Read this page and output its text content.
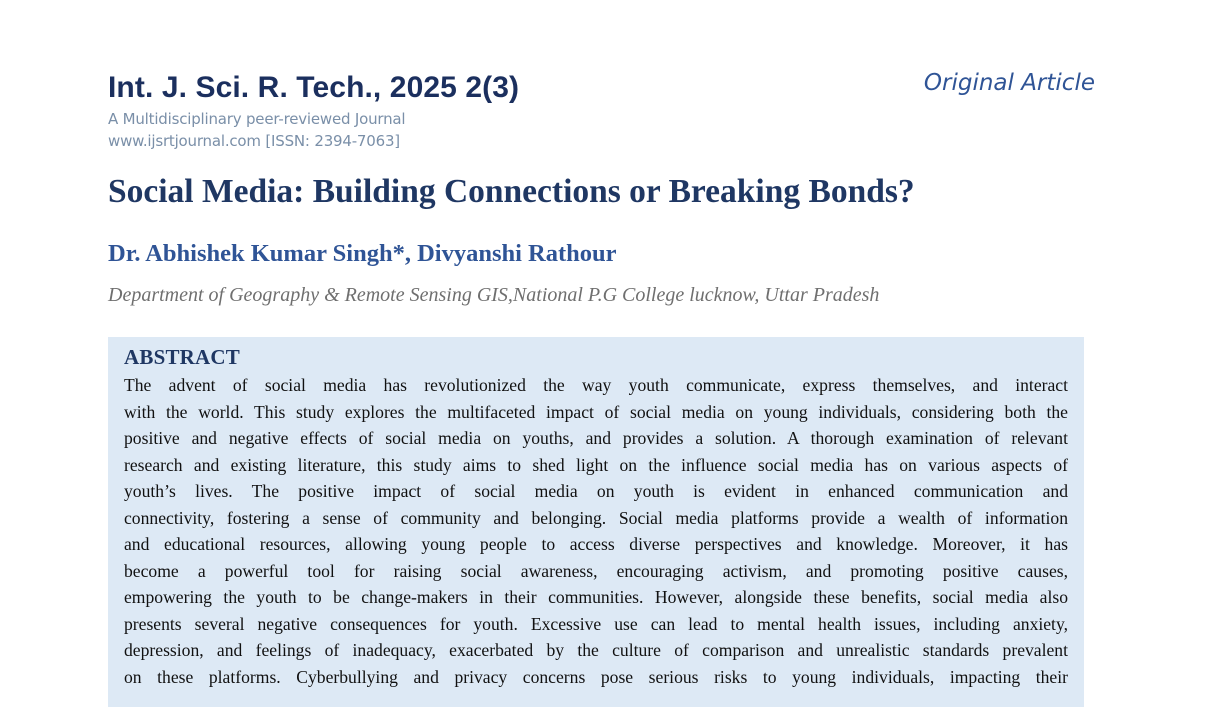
Int. J. Sci. R. Tech., 2025 2(3)	Original Article
A Multidisciplinary peer-reviewed Journal
www.ijsrtjournal.com [ISSN: 2394-7063]
Social Media: Building Connections or Breaking Bonds?
Dr. Abhishek Kumar Singh*, Divyanshi Rathour
Department of Geography & Remote Sensing GIS,National P.G College lucknow, Uttar Pradesh
ABSTRACT
The advent of social media has revolutionized the way youth communicate, express themselves, and interact
with the world. This study explores the multifaceted impact of social media on young individuals, considering both the
positive and negative effects of social media on youths, and provides a solution. A thorough examination of relevant
research and existing literature, this study aims to shed light on the influence social media has on various aspects of
youth’s lives. The positive impact of social media on youth is evident in enhanced communication and
connectivity, fostering a sense of community and belonging. Social media platforms provide a wealth of information
and educational resources, allowing young people to access diverse perspectives and knowledge. Moreover, it has
become a powerful tool for raising social awareness, encouraging activism, and promoting positive causes,
empowering the youth to be change-makers in their communities. However, alongside these benefits, social media also
presents several negative consequences for youth. Excessive use can lead to mental health issues, including anxiety,
depression, and feelings of inadequacy, exacerbated by the culture of comparison and unrealistic standards prevalent
on these platforms. Cyberbullying and privacy concerns pose serious risks to young individuals, impacting their
